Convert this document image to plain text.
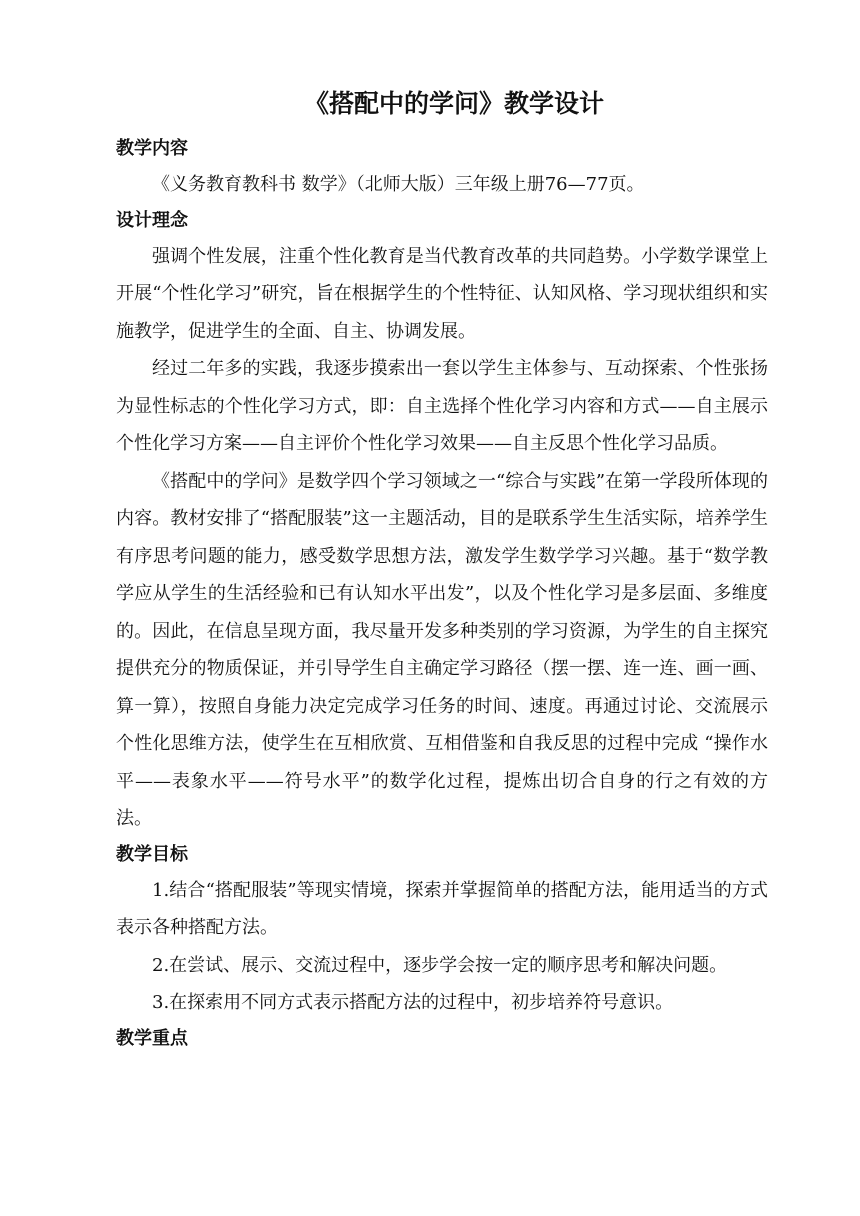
《搭配中的学问》教学设计
教学内容

《义务教育教科书 数学》（北师大版）三年级上册76—77页。

设计理念

强调个性发展，注重个性化教育是当代教育改革的共同趋势。小学数学课堂上开展“个性化学习”研究，旨在根据学生的个性特征、认知风格、学习现状组织和实施教学，促进学生的全面、自主、协调发展。

经过二年多的实践，我逐步摸索出一套以学生主体参与、互动探索、个性张扬为显性标志的个性化学习方式，即：自主选择个性化学习内容和方式——自主展示个性化学习方案——自主评价个性化学习效果——自主反思个性化学习品质。

《搭配中的学问》是数学四个学习领域之一“综合与实践”在第一学段所体现的内容。教材安排了“搭配服装”这一主题活动，目的是联系学生生活实际，培养学生有序思考问题的能力，感受数学思想方法，激发学生数学学习兴趣。基于“数学教学应从学生的生活经验和已有认知水平出发”，以及个性化学习是多层面、多维度的。因此，在信息呈现方面，我尽量开发多种类别的学习资源，为学生的自主探究提供充分的物质保证，并引导学生自主确定学习路径（摆一摆、连一连、画一画、算一算），按照自身能力决定完成学习任务的时间、速度。再通过讨论、交流展示个性化思维方法，使学生在互相欣赏、互相借鉴和自我反思的过程中完成 “操作水平——表象水平——符号水平”的数学化过程，提炼出切合自身的行之有效的方法。

教学目标

1.结合“搭配服装”等现实情境，探索并掌握简单的搭配方法，能用适当的方式表示各种搭配方法。

2.在尝试、展示、交流过程中，逐步学会按一定的顺序思考和解决问题。

3.在探索用不同方式表示搭配方法的过程中，初步培养符号意识。

教学重点
